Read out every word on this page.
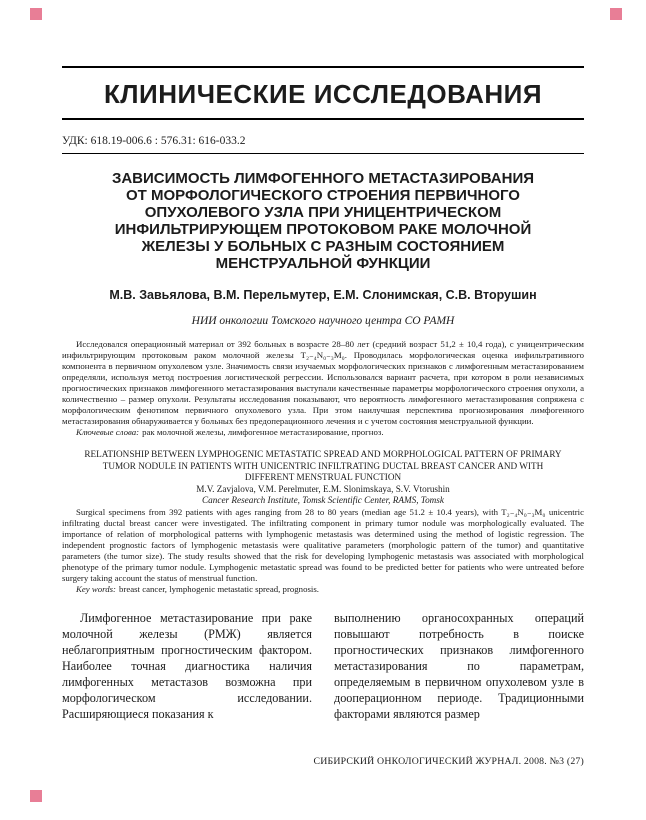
КЛИНИЧЕСКИЕ ИССЛЕДОВАНИЯ
УДК: 618.19-006.6 : 576.31: 616-033.2
ЗАВИСИМОСТЬ ЛИМФОГЕННОГО МЕТАСТАЗИРОВАНИЯ
ОТ МОРФОЛОГИЧЕСКОГО СТРОЕНИЯ ПЕРВИЧНОГО
ОПУХОЛЕВОГО УЗЛА ПРИ УНИЦЕНТРИЧЕСКОМ
ИНФИЛЬТРИРУЮЩЕМ ПРОТОКОВОМ РАКЕ МОЛОЧНОЙ
ЖЕЛЕЗЫ У БОЛЬНЫХ С РАЗНЫМ СОСТОЯНИЕМ
МЕНСТРУАЛЬНОЙ ФУНКЦИИ
М.В. Завьялова, В.М. Перельмутер, Е.М. Слонимская, С.В. Вторушин
НИИ онкологии Томского научного центра СО РАМН

Исследовался операционный материал от 392 больных в возрасте 28–80 лет (средний возраст 51,2 ± 10,4 года), с уницентрическим инфильтрирующим протоковым раком молочной железы T₂₋₄N₀₋₃M₀. Проводилась морфологическая оценка инфильтративного компонента в первичном опухолевом узле. Значимость связи изучаемых морфологических признаков с лимфогенным метастазированием определяли, используя метод построения логистической регрессии. Использовался вариант расчета, при котором в роли независимых прогностических признаков лимфогенного метастазирования выступали качественные параметры морфологического строения опухоли, а количественно – размер опухоли. Результаты исследования показывают, что вероятность лимфогенного метастазирования сопряжена с морфологическим фенотипом первичного опухолевого узла. При этом наилучшая перспектива прогнозирования лимфогенного метастазирования обнаруживается у больных без предоперационного лечения и с учетом состояния менструальной функции.

Ключевые слова: рак молочной железы, лимфогенное метастазирование, прогноз.

RELATIONSHIP BETWEEN LYMPHOGENIC METASTATIC SPREAD AND MORPHOLOGICAL PATTERN OF PRIMARY
TUMOR NODULE IN PATIENTS WITH UNICENTRIC INFILTRATING DUCTAL BREAST CANCER AND WITH
DIFFERENT MENSTRUAL FUNCTION
M.V. Zavjalova, V.M. Perelmuter, E.M. Slonimskaya, S.V. Vtorushin
Cancer Research Institute, Tomsk Scientific Center, RAMS, Tomsk

Surgical specimens from 392 patients with ages ranging from 28 to 80 years (median age 51.2 ± 10.4 years), with T₂₋₄N₀₋₃M₀ unicentric infiltrating ductal breast cancer were investigated. The infiltrating component in primary tumor nodule was morphologically evaluated. The importance of relation of morphological patterns with lymphogenic metastasis was determined using the method of logistic regression. The independent prognostic factors of lymphogenic metastasis were qualitative parameters (morphologic pattern of the tumor) and quantitative parameters (the tumor size). The study results showed that the risk for developing lymphogenic metastasis was associated with morphological phenotype of the primary tumor nodule. Lymphogenic metastatic spread was found to be predicted better for patients who were untreated before surgery taking account the status of menstrual function.

Key words: breast cancer, lymphogenic metastatic spread, prognosis.

Лимфогенное метастазирование при раке молочной железы (РМЖ) является неблагоприятным прогностическим фактором. Наиболее точная диагностика наличия лимфогенных метастазов возможна при морфологическом исследовании. Расширяющиеся показания к

выполнению органосохранных операций повышают потребность в поиске прогностических признаков лимфогенного метастазирования по параметрам, определяемым в первичном опухолевом узле в дооперационном периоде. Традиционными факторами являются размер

СИБИРСКИЙ ОНКОЛОГИЧЕСКИЙ ЖУРНАЛ. 2008. №3 (27)
